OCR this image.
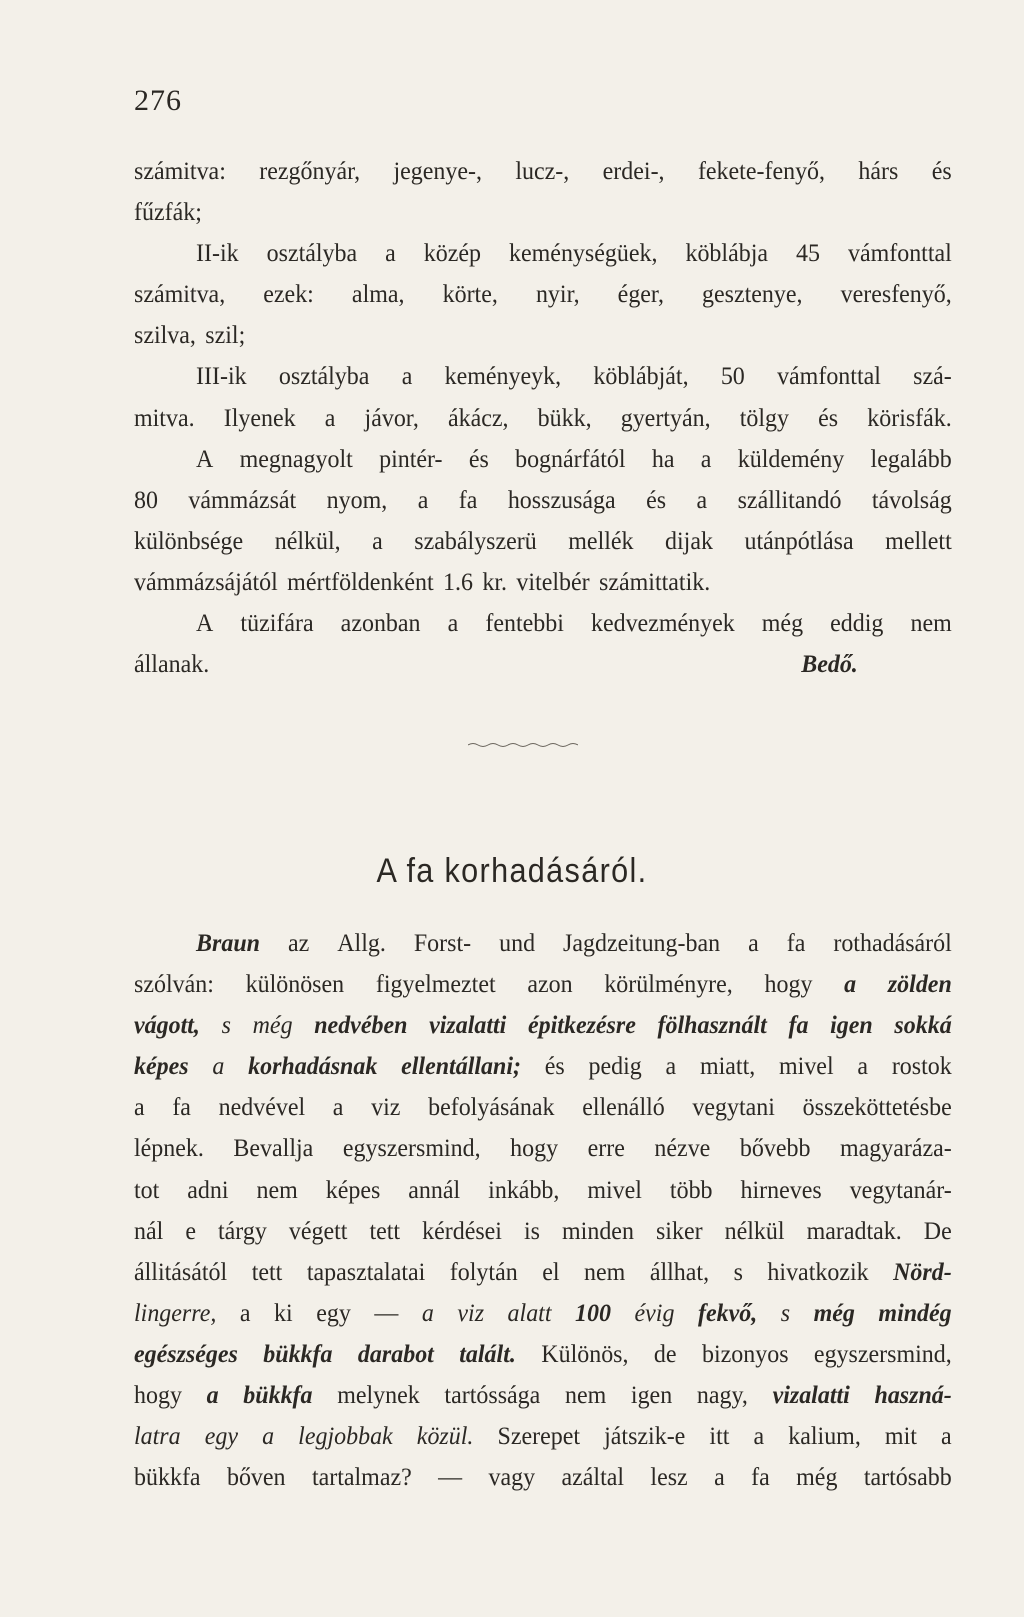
276
számitva: rezgőnyár, jegenye-, lucz-, erdei-, fekete-fenyő, hárs és
fűzfák;
II-ik osztályba a közép keménységüek, köblábja 45 vámfonttal
számitva, ezek: alma, körte, nyir, éger, gesztenye, veresfenyő,
szilva, szil;
III-ik osztályba a keményeyk, köblábját, 50 vámfonttal szá-
mitva. Ilyenek a jávor, ákácz, bükk, gyertyán, tölgy és körisfák.
A megnagyolt pintér- és bognárfától ha a küldemény legalább
80 vámmázsát nyom, a fa hosszusága és a szállitandó távolság
különbsége nélkül, a szabályszerü mellék dijak utánpótlása mellett
vámmázsájától mértföldenként 1.6 kr. vitelbér számittatik.
A tüzifára azonban a fentebbi kedvezmények még eddig nem
állanak.	Bedő.
A fa korhadásáról.
Braun az Allg. Forst- und Jagdzeitung-ban a fa rothadásáról
szólván: különösen figyelmeztet azon körülményre, hogy a zölden
vágott, s még nedvében vizalatti épitkezésre fölhasznált fa igen sokká
képes a korhadásnak ellentállani; és pedig a miatt, mivel a rostok
a fa nedvével a viz befolyásának ellenálló vegytani összeköttetésbe
lépnek. Bevallja egyszersmind, hogy erre nézve bővebb magyaráza-
tot adni nem képes annál inkább, mivel több hirneves vegytanár-
nál e tárgy végett tett kérdései is minden siker nélkül maradtak. De
állitásától tett tapasztalatai folytán el nem állhat, s hivatkozik Nörd-
lingerre, a ki egy — a viz alatt 100 évig fekvő, s még mindég
egészséges bükkfa darabot talált. Különös, de bizonyos egyszersmind,
hogy a bükkfa melynek tartóssága nem igen nagy, vizalatti haszná-
latra egy a legjobbak közül. Szerepet játszik-e itt a kalium, mit a
bükkfa bőven tartalmaz? — vagy azáltal lesz a fa még tartósabb
